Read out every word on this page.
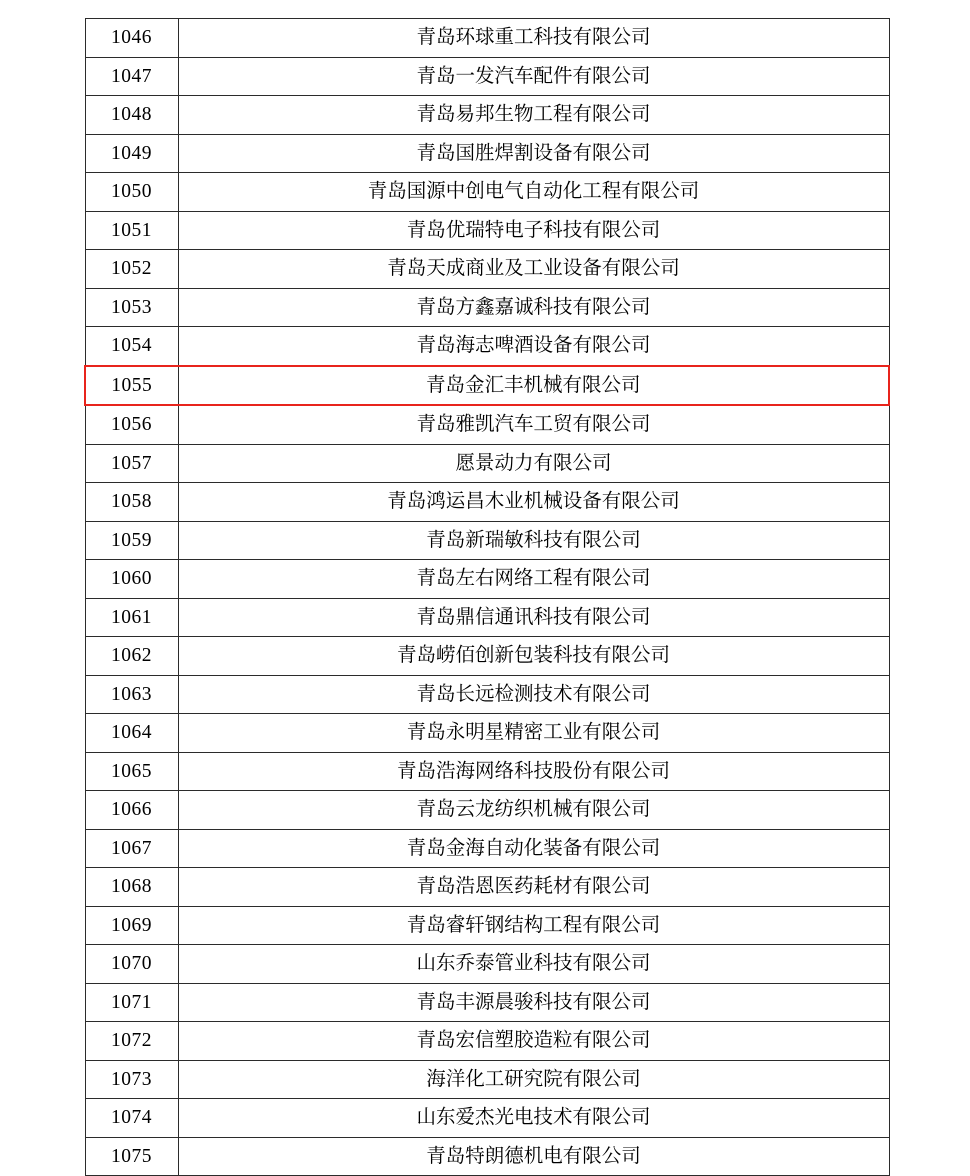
1046	青岛环球重工科技有限公司
1047	青岛一发汽车配件有限公司
1048	青岛易邦生物工程有限公司
1049	青岛国胜焊割设备有限公司
1050	青岛国源中创电气自动化工程有限公司
1051	青岛优瑞特电子科技有限公司
1052	青岛天成商业及工业设备有限公司
1053	青岛方鑫嘉诚科技有限公司
1054	青岛海志啤酒设备有限公司
1055	青岛金汇丰机械有限公司
1056	青岛雅凯汽车工贸有限公司
1057	愿景动力有限公司
1058	青岛鸿运昌木业机械设备有限公司
1059	青岛新瑞敏科技有限公司
1060	青岛左右网络工程有限公司
1061	青岛鼎信通讯科技有限公司
1062	青岛崂佰创新包装科技有限公司
1063	青岛长远检测技术有限公司
1064	青岛永明星精密工业有限公司
1065	青岛浩海网络科技股份有限公司
1066	青岛云龙纺织机械有限公司
1067	青岛金海自动化装备有限公司
1068	青岛浩恩医药耗材有限公司
1069	青岛睿轩钢结构工程有限公司
1070	山东乔泰管业科技有限公司
1071	青岛丰源晨骏科技有限公司
1072	青岛宏信塑胶造粒有限公司
1073	海洋化工研究院有限公司
1074	山东爱杰光电技术有限公司
1075	青岛特朗德机电有限公司
